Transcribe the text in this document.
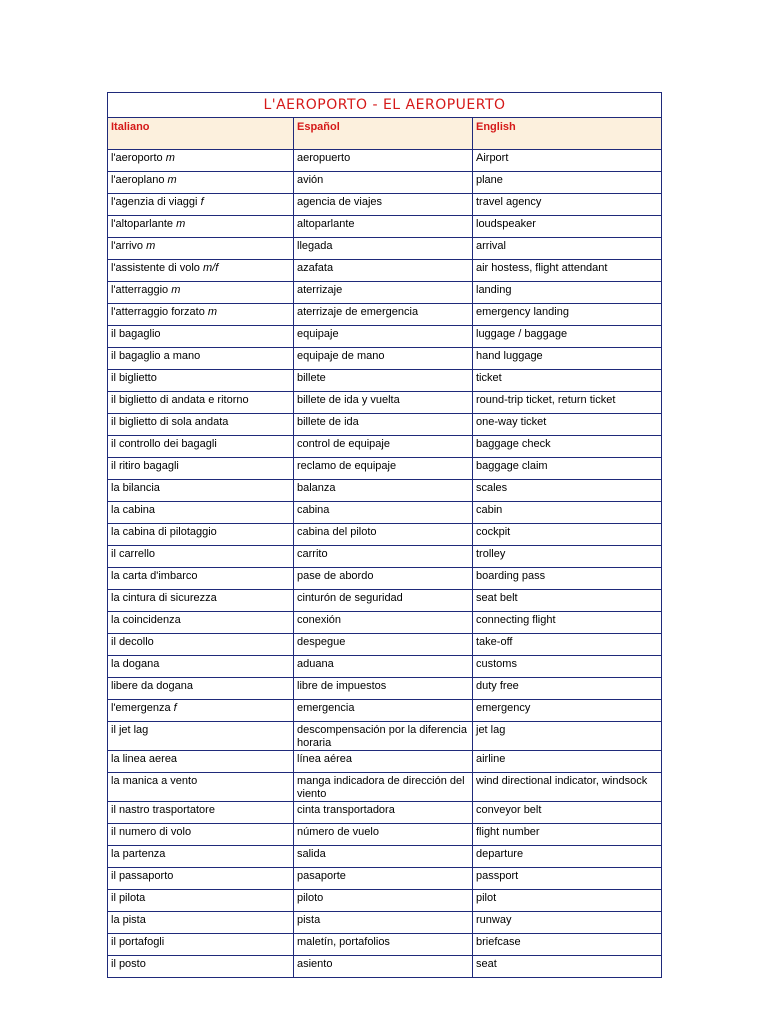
L'AEROPORTO - EL AEROPUERTO		
Italiano	Español	English
l'aeroporto m	aeropuerto	Airport
l'aeroplano m	avión	plane
l'agenzia di viaggi f	agencia de viajes	travel agency
l'altoparlante m	altoparlante	loudspeaker
l'arrivo m	llegada	arrival
l'assistente di volo m/f	azafata	air hostess, flight attendant
l'atterraggio m	aterrizaje	landing
l'atterraggio forzato m	aterrizaje de emergencia	emergency landing
il bagaglio	equipaje	luggage / baggage
il bagaglio a mano	equipaje de mano	hand luggage
il biglietto	billete	ticket
il biglietto di andata e ritorno	billete de ida y vuelta	round-trip ticket, return ticket
il biglietto di sola andata	billete de ida	one-way ticket
il controllo dei bagagli	control de equipaje	baggage check
il ritiro bagagli	reclamo de equipaje	baggage claim
la bilancia	balanza	scales
la cabina	cabina	cabin
la cabina di pilotaggio	cabina del piloto	cockpit
il carrello	carrito	trolley
la carta d'imbarco	pase de abordo	boarding pass
la cintura di sicurezza	cinturón de seguridad	seat belt
la coincidenza	conexión	connecting flight
il decollo	despegue	take-off
la dogana	aduana	customs
libere da dogana	libre de impuestos	duty free
l'emergenza f	emergencia	emergency
il jet lag	descompensación por la diferencia horaria	jet lag
la linea aerea	línea aérea	airline
la manica a vento	manga indicadora de dirección del viento	wind directional indicator, windsock
il nastro trasportatore	cinta transportadora	conveyor belt
il numero di volo	número de vuelo	flight number
la partenza	salida	departure
il passaporto	pasaporte	passport
il pilota	piloto	pilot
la pista	pista	runway
il portafogli	maletín, portafolios	briefcase
il posto	asiento	seat
